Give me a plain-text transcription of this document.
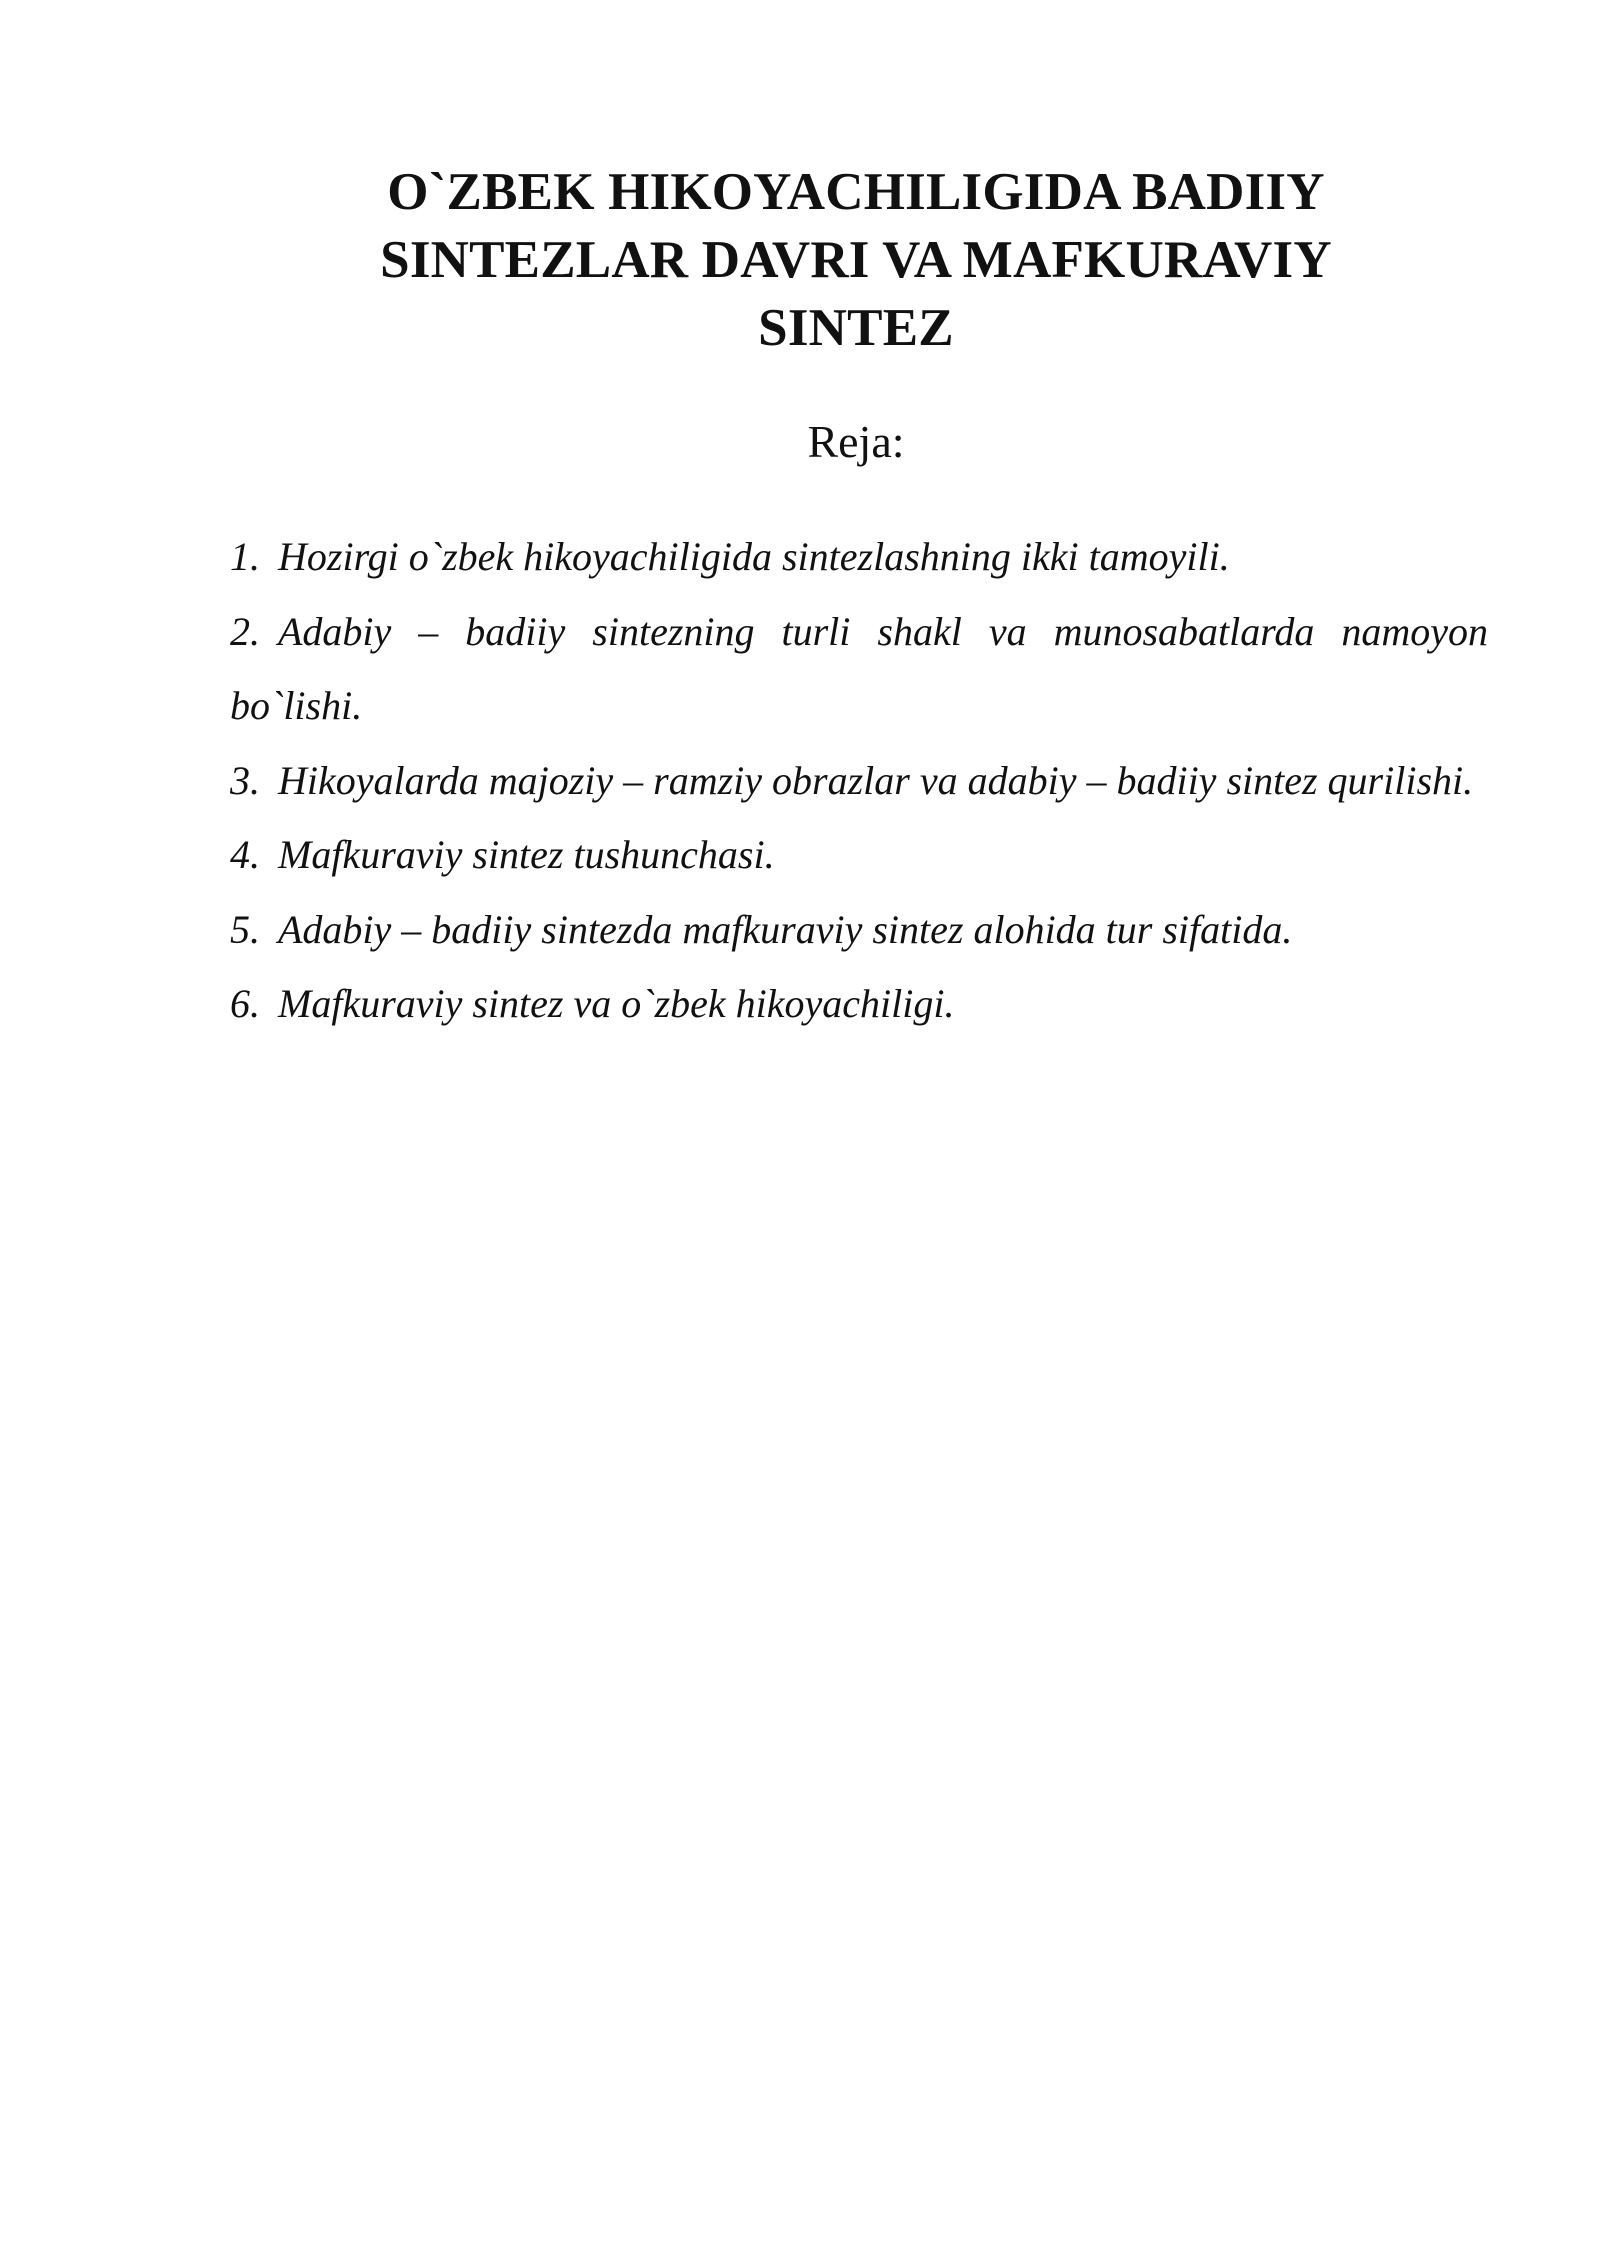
O`ZBEK HIKOYACHILIGIDA BADIIY
SINTEZLAR DAVRI VA MAFKURAVIY
SINTEZ

Reja:

1. Hozirgi o`zbek hikoyachiligida sintezlashning ikki tamoyili.
2. Adabiy – badiiy sintezning turli shakl va munosabatlarda namoyon bo`lishi.
3. Hikoyalarda majoziy – ramziy obrazlar va adabiy – badiiy sintez qurilishi.
4. Mafkuraviy sintez tushunchasi.
5. Adabiy – badiiy sintezda mafkuraviy sintez alohida tur sifatida.
6. Mafkuraviy sintez va o`zbek hikoyachiligi.
